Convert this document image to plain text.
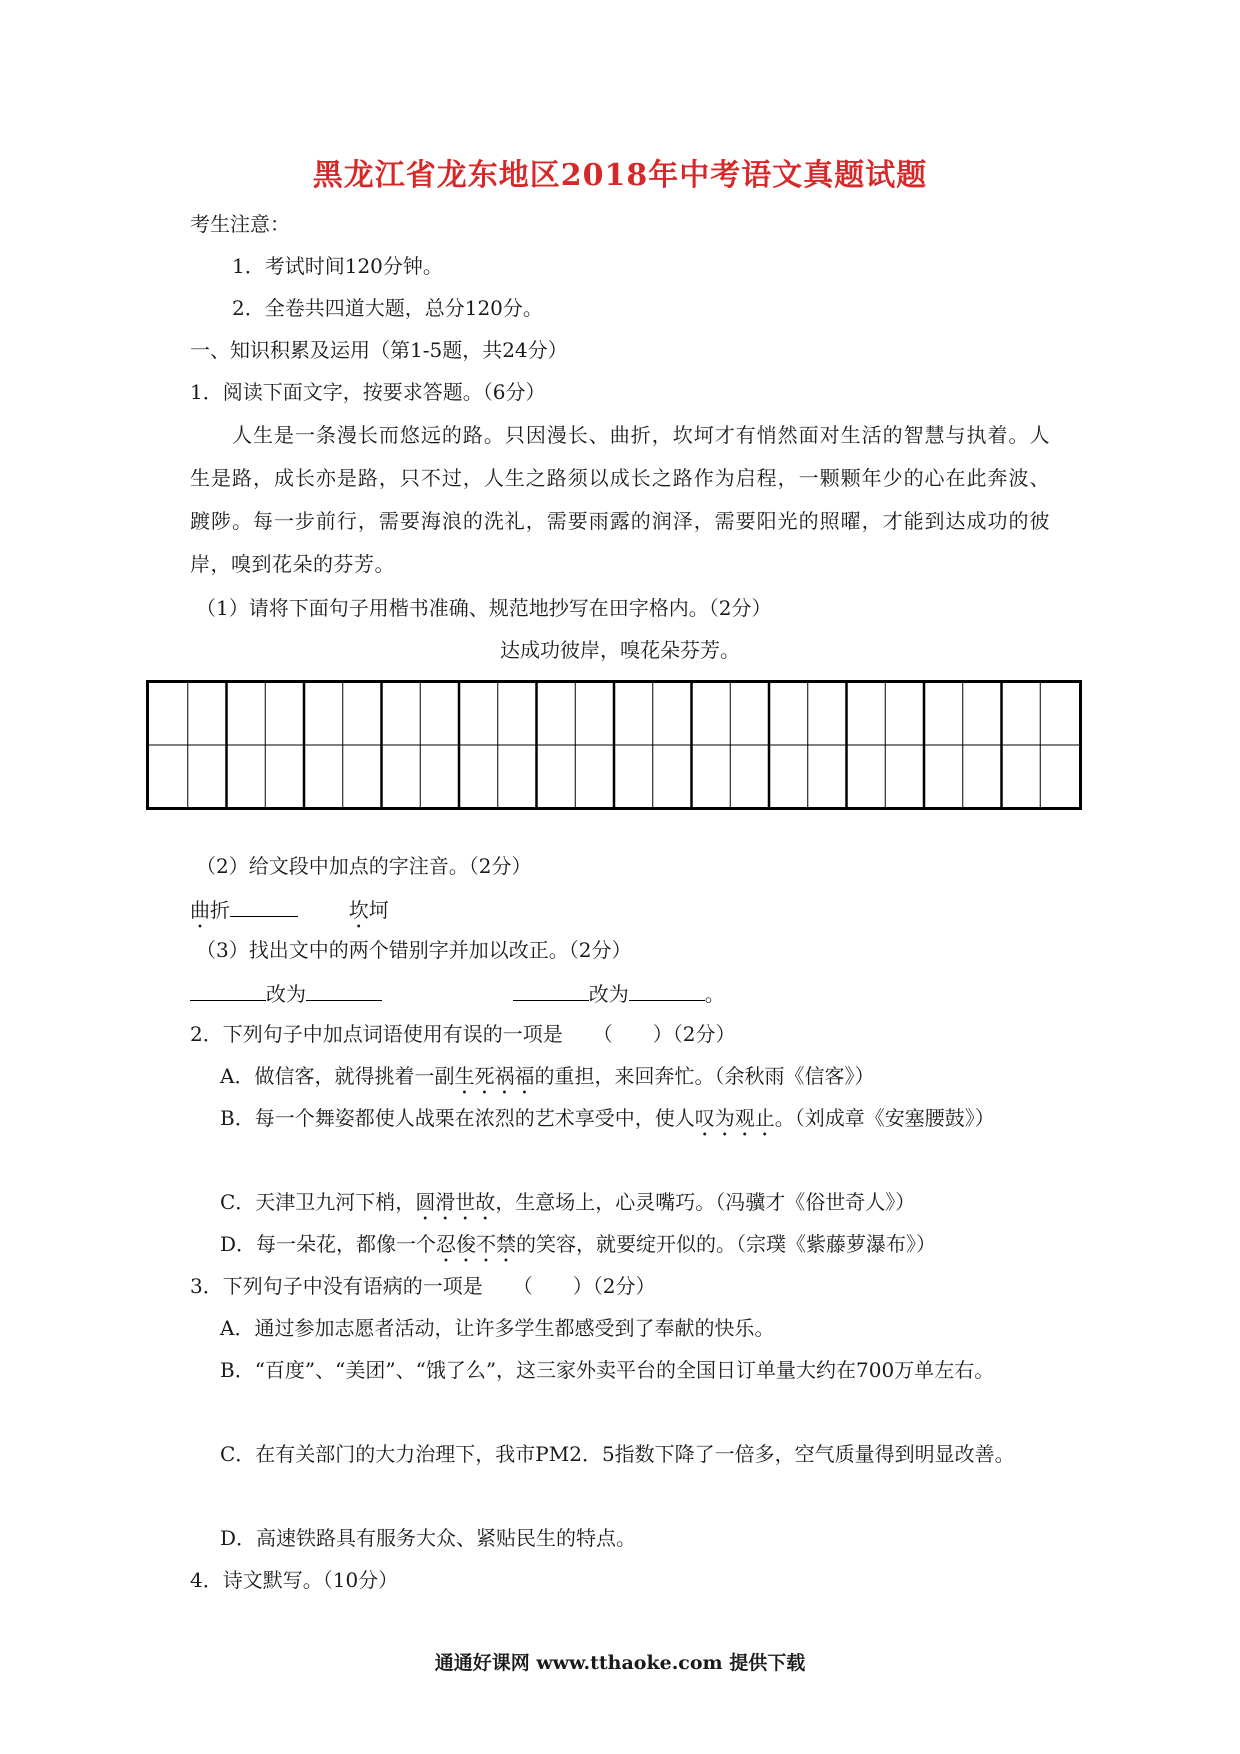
黑龙江省龙东地区2018年中考语文真题试题
考生注意：
1．考试时间120分钟。
2．全卷共四道大题，总分120分。
一、知识积累及运用（第1-5题，共24分）
1．阅读下面文字，按要求答题。（6分）
人生是一条漫长而悠远的路。只因漫长、曲折，坎坷才有悄然面对生活的智慧与执着。人生是路，成长亦是路，只不过，人生之路须以成长之路作为启程，一颗颗年少的心在此奔波、踱陟。每一步前行，需要海浪的洗礼，需要雨露的润泽，需要阳光的照曜，才能到达成功的彼岸，嗅到花朵的芬芳。
（1）请将下面句子用楷书准确、规范地抄写在田字格内。（2分）
达成功彼岸，嗅花朵芬芳。
（2）给文段中加点的字注音。（2分）
曲折	坎坷
（3）找出文中的两个错别字并加以改正。（2分）
改为	改为	。
2．下列句子中加点词语使用有误的一项是　　（　　）（2分）
A．做信客，就得挑着一副生死祸福的重担，来回奔忙。（余秋雨《信客》）
B．每一个舞姿都使人战栗在浓烈的艺术享受中，使人叹为观止。（刘成章《安塞腰鼓》）
C．天津卫九河下梢，圆滑世故，生意场上，心灵嘴巧。（冯骥才《俗世奇人》）
D．每一朵花，都像一个忍俊不禁的笑容，就要绽开似的。（宗璞《紫藤萝瀑布》）
3．下列句子中没有语病的一项是　　（　　）（2分）
A．通过参加志愿者活动，让许多学生都感受到了奉献的快乐。
B．“百度”、“美团”、“饿了么”，这三家外卖平台的全国日订单量大约在700万单左右。
C．在有关部门的大力治理下，我市PM2．5指数下降了一倍多，空气质量得到明显改善。
D．高速铁路具有服务大众、紧贴民生的特点。
4．诗文默写。（10分）
通通好课网 www.tthaoke.com 提供下载
